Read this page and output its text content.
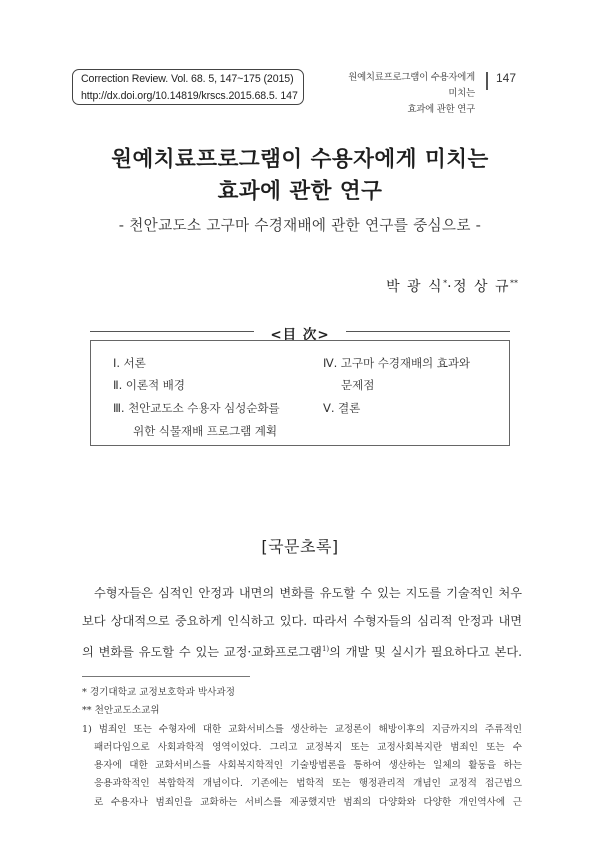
Correction Review. Vol. 68. 5, 147~175 (2015)
http://dx.doi.org/10.14819/krscs.2015.68.5. 147
원예치료프로그램이 수용자에게 미치는
효과에 관한 연구
147
원예치료프로그램이 수용자에게 미치는
효과에 관한 연구
- 천안교도소 고구마 수경재배에 관한 연구를 중심으로 -
박 광 식*·정 상 규**
<目 次>
Ⅰ. 서론
Ⅱ. 이론적 배경
Ⅲ. 천안교도소 수용자 심성순화를
위한 식물재배 프로그램 계획
Ⅳ. 고구마 수경재배의 효과와
문제점
Ⅴ. 결론
[국문초록]
수형자들은 심적인 안정과 내면의 변화를 유도할 수 있는 지도를 기술적인 처우
보다 상대적으로 중요하게 인식하고 있다. 따라서 수형자들의 심리적 안정과 내면
의 변화를 유도할 수 있는 교정·교화프로그램$^{1)}$의 개발 및 실시가 필요하다고 본다.
* 경기대학교 교정보호학과 박사과정
** 천안교도소교위
1) 범죄인 또는 수형자에 대한 교화서비스를 생산하는 교정론이 해방이후의 지금까지의 주류적인
패러다임으로 사회과학적 영역이었다. 그리고 교정복지 또는 교정사회복지란 범죄인 또는 수
용자에 대한 교화서비스를 사회복지학적인 기술방법론을 통하여 생산하는 일체의 활동을 하는
응용과학적인 복합학적 개념이다. 기존에는 법학적 또는 행정관리적 개념인 교정적 접근법으
로 수용자나 범죄인을 교화하는 서비스를 제공했지만 범죄의 다양화와 다양한 개인역사에 근
